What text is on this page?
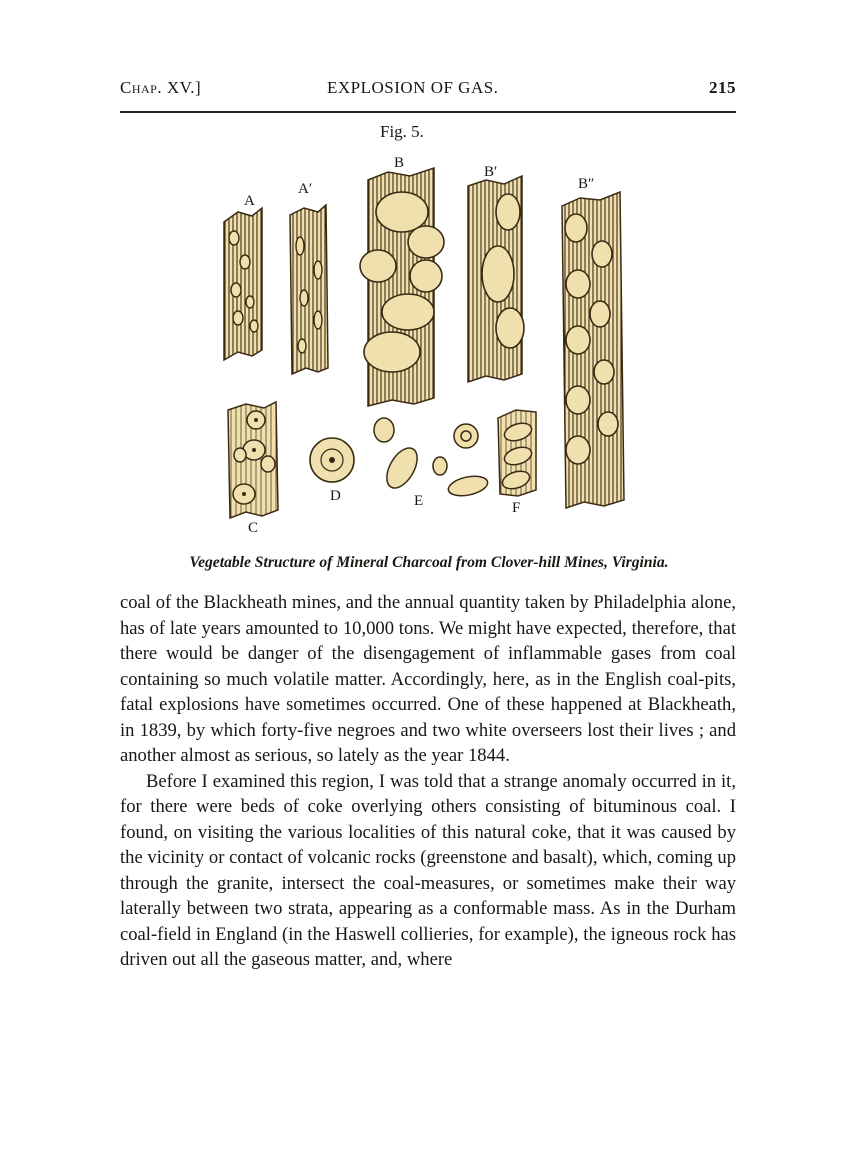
Chap. XV.]	EXPLOSION OF GAS.	215
Fig. 5.
A
A′
B
B′
B″
C
D	E	F
Vegetable Structure of Mineral Charcoal from Clover-hill Mines, Virginia.

coal of the Blackheath mines, and the annual quantity taken by Philadelphia alone, has of late years amounted to 10,000 tons. We might have expected, therefore, that there would be danger of the disengagement of inflammable gases from coal containing so much volatile matter. Accordingly, here, as in the English coal-pits, fatal explosions have sometimes occurred. One of these happened at Blackheath, in 1839, by which forty-five negroes and two white overseers lost their lives ; and another almost as serious, so lately as the year 1844.

Before I examined this region, I was told that a strange anomaly occurred in it, for there were beds of coke overlying others consisting of bituminous coal. I found, on visiting the various localities of this natural coke, that it was caused by the vicinity or contact of volcanic rocks (greenstone and basalt), which, coming up through the granite, intersect the coal-measures, or sometimes make their way laterally between two strata, appearing as a conformable mass. As in the Durham coal-field in England (in the Haswell collieries, for example), the igneous rock has driven out all the gaseous matter, and, where
